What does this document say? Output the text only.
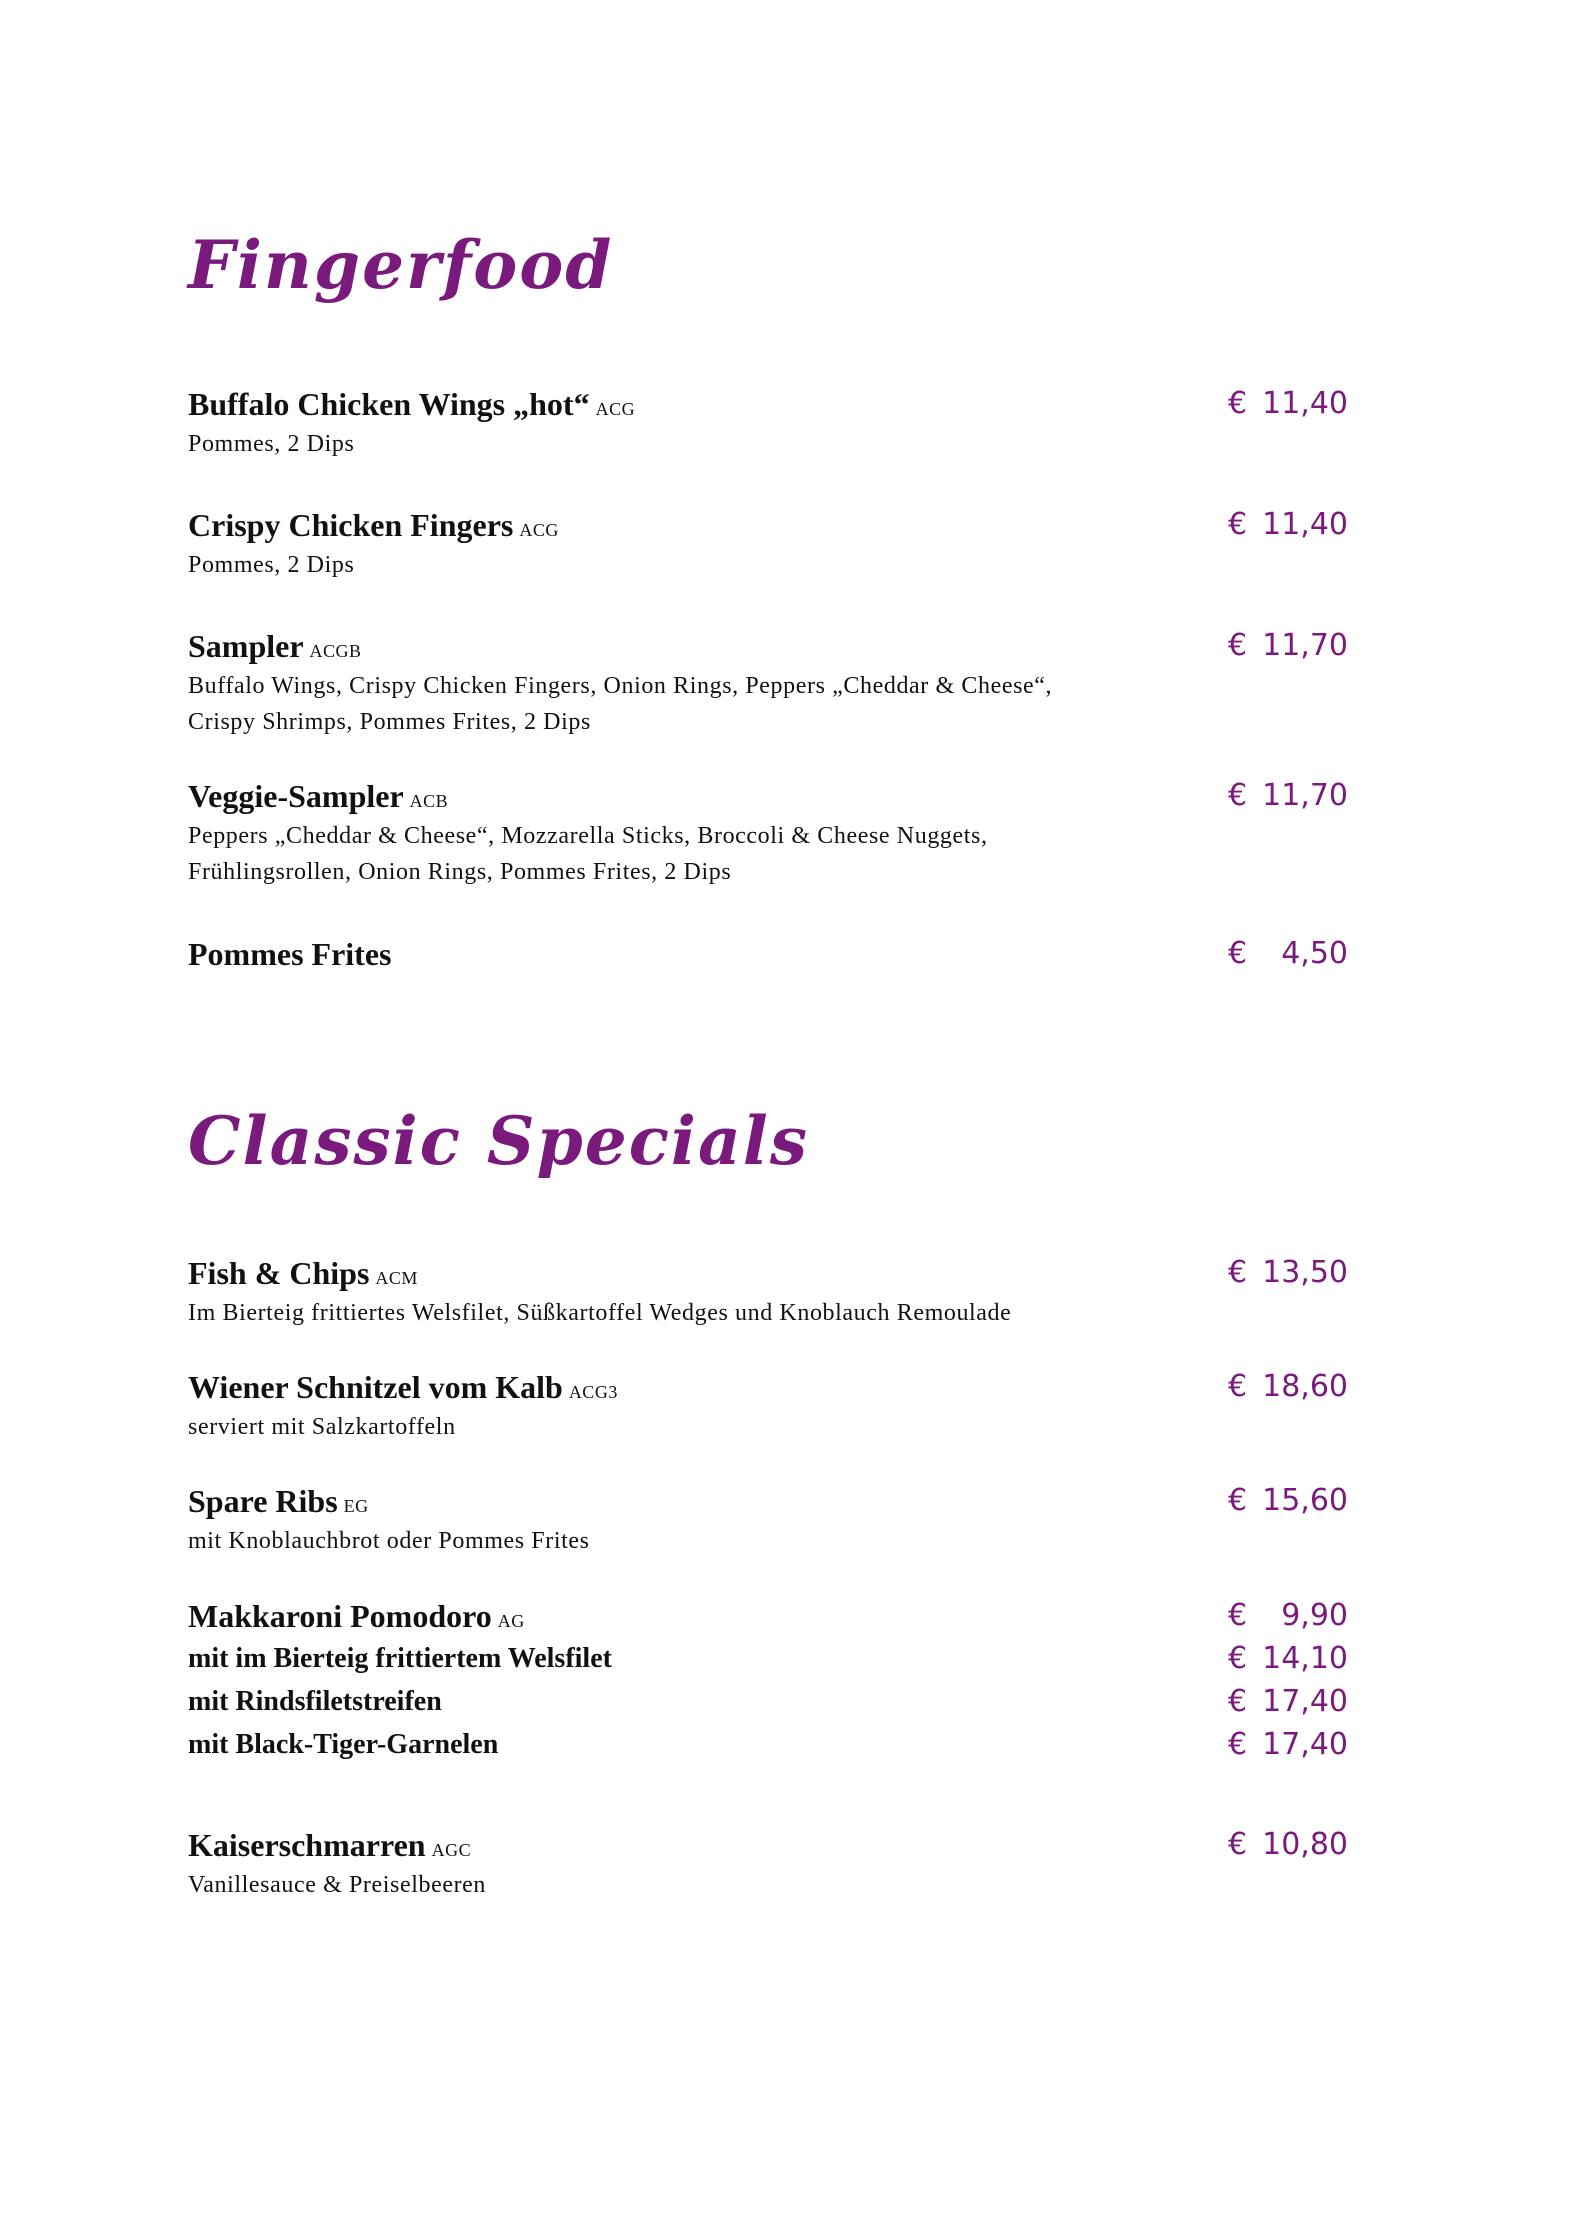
Fingerfood
Buffalo Chicken Wings „hot“ ACG	€ 11,40
Pommes, 2 Dips
Crispy Chicken Fingers ACG	€ 11,40
Pommes, 2 Dips
Sampler ACGB	€ 11,70
Buffalo Wings, Crispy Chicken Fingers, Onion Rings, Peppers „Cheddar & Cheese“,
Crispy Shrimps, Pommes Frites, 2 Dips
Veggie-Sampler ACB	€ 11,70
Peppers „Cheddar & Cheese“, Mozzarella Sticks, Broccoli & Cheese Nuggets,
Frühlingsrollen, Onion Rings, Pommes Frites, 2 Dips
Pommes Frites	€ 4,50
Classic Specials
Fish & Chips ACM	€ 13,50
Im Bierteig frittiertes Welsfilet, Süßkartoffel Wedges und Knoblauch Remoulade
Wiener Schnitzel vom Kalb ACG3	€ 18,60
serviert mit Salzkartoffeln
Spare Ribs EG	€ 15,60
mit Knoblauchbrot oder Pommes Frites
Makkaroni Pomodoro AG	€ 9,90
mit im Bierteig frittiertem Welsfilet	€ 14,10
mit Rindsfiletstreifen	€ 17,40
mit Black-Tiger-Garnelen	€ 17,40
Kaiserschmarren AGC	€ 10,80
Vanillesauce & Preiselbeeren
